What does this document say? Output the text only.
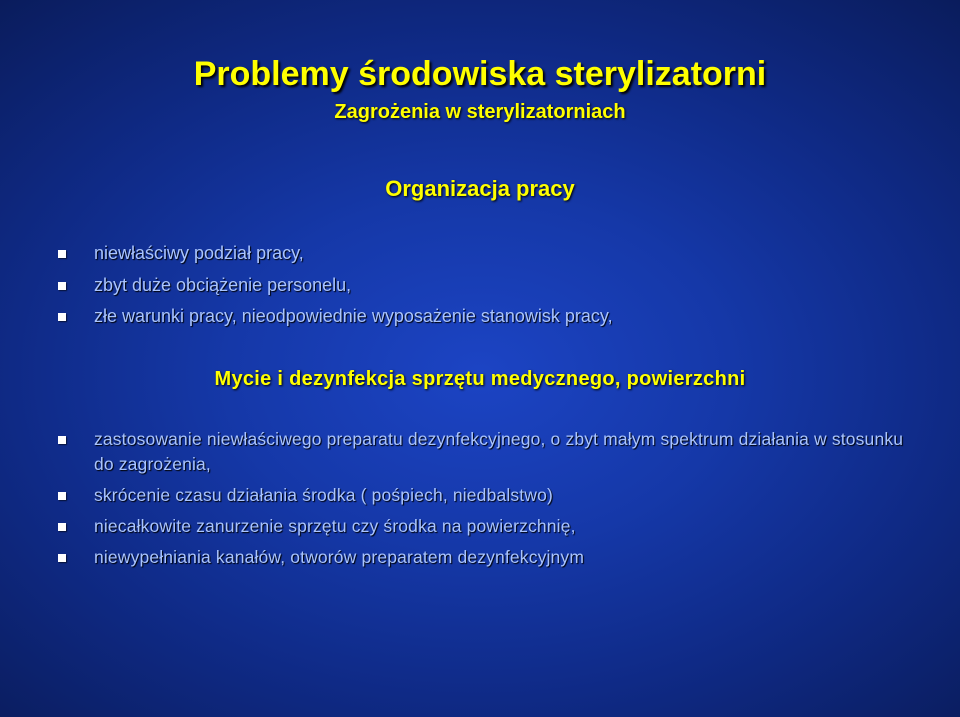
Problemy środowiska sterylizatorni
Zagrożenia w sterylizatorniach
Organizacja pracy
niewłaściwy podział pracy,
zbyt duże obciążenie personelu,
złe warunki pracy, nieodpowiednie wyposażenie stanowisk pracy,
Mycie i dezynfekcja sprzętu medycznego, powierzchni
zastosowanie niewłaściwego preparatu dezynfekcyjnego, o zbyt małym spektrum działania w stosunku do zagrożenia,
skrócenie czasu działania środka ( pośpiech, niedbalstwo)
niecałkowite zanurzenie sprzętu czy środka na powierzchnię,
niewypełniania kanałów, otworów preparatem dezynfekcyjnym
